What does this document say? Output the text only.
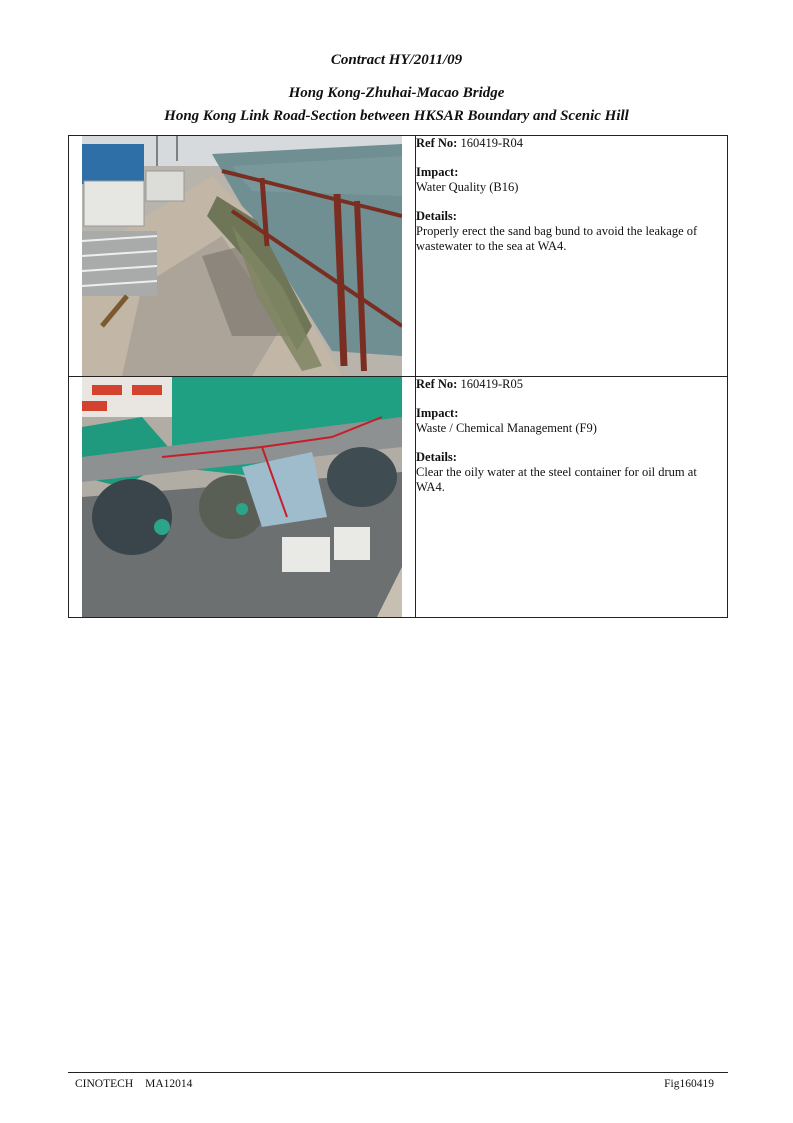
Contract HY/2011/09
Hong Kong-Zhuhai-Macao Bridge
Hong Kong Link Road-Section between HKSAR Boundary and Scenic Hill

Ref No: 160419-R04
Impact:
Water Quality (B16)
Details:
Properly erect the sand bag bund to avoid the leakage of wastewater to the sea at WA4.

Ref No: 160419-R05
Impact:
Waste / Chemical Management (F9)
Details:
Clear the oily water at the steel container for oil drum at WA4.
CINOTECH MA12014	Fig160419
